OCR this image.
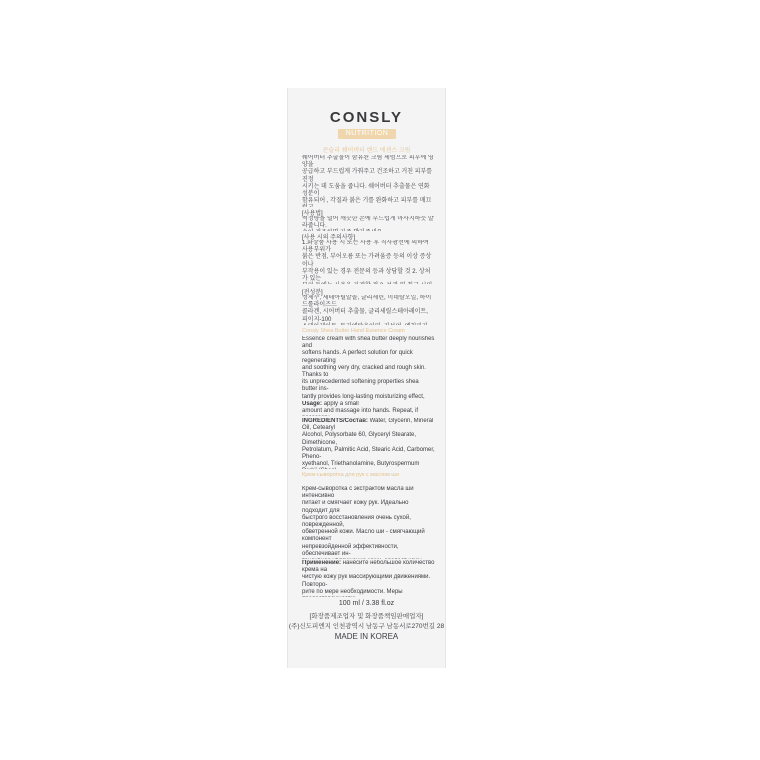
CONSLY
NUTRITION
콘슬리 쉐어버터 핸드 에센스 크림
쉐어버터 추출물이 함유된 크림 세럼으로 피부에 영양을
공급하고 부드럽게 가꿔주고 건조하고 거친 피부를 진정
시키는 데 도움을 줍니다. 쉐어버터 추출물은 연화 성분이
함유되어 , 각질과 붉은 기를 완화하고 피부를 매끄

[사용법]
적정량을 덜어 깨끗한 손에 부드럽게 마사지하듯 발라줍니다.

[사용 시의 주의사항]
1.화장품 사용 시 또는 사용 후 직사광선에 의하여 사용부위가
붉은 반점, 부어오름 또는 가려움증 등의 이상 증상이나
부작용이 있는 경우 전문의 등과 상담할 것 2. 상처가 있는

[전성분]
정제수, 세테아릴알콜, 글리세린, 미네랄오일, 하이드롤라이즈드
콜라겐, 시어버터 추출물, 글리세릴스테아레이트, 피이지-100

Consly Shea Butter Hand Essence Cream
Essence cream with shea butter deeply nourishes and
softens hands. A perfect solution for quick regenerating
and soothing very dry, cracked and rough skin. Thanks to
its unprecedented softening properties shea butter ins-
tantly provides long-lasting moisturizing effect,

Usage: apply a small
amount and massage into hands. Repeat, if
INGREDIENTS/Состав: Water, Glycerin, Mineral Oil, Cetearyl
Alcohol, Polysorbate 60, Glyceryl Stearate, Dimethicone,
Petrolatum, Palmitic Acid, Stearic Acid, Carbomer, Pheno-
xyethanol, Triethanolamine, Butyrospermum

Крем-сыворотка для рук с маслом ши
Крем-сыворотка с экстрактом масла ши интенсивно
питает и смягчает кожу рук. Идеально подходит для
быстрого восстановления очень сухой, поврежденной,
обветренной кожи. Масло ши - смягчающий компонент
непревзойденной эффективности, обеспечивает ин-

Применение: нанесите небольшое количество крема на
чистую кожу рук массирующими движениями. Повторо-
рите по мере необходимости. Меры

100 ml / 3.38 fl.oz
[화장품제조업자 및 화장품책임판매업자]
(주)신도피엔지 인천광역시 남동구 남동서로270번길 28
MADE IN KOREA
